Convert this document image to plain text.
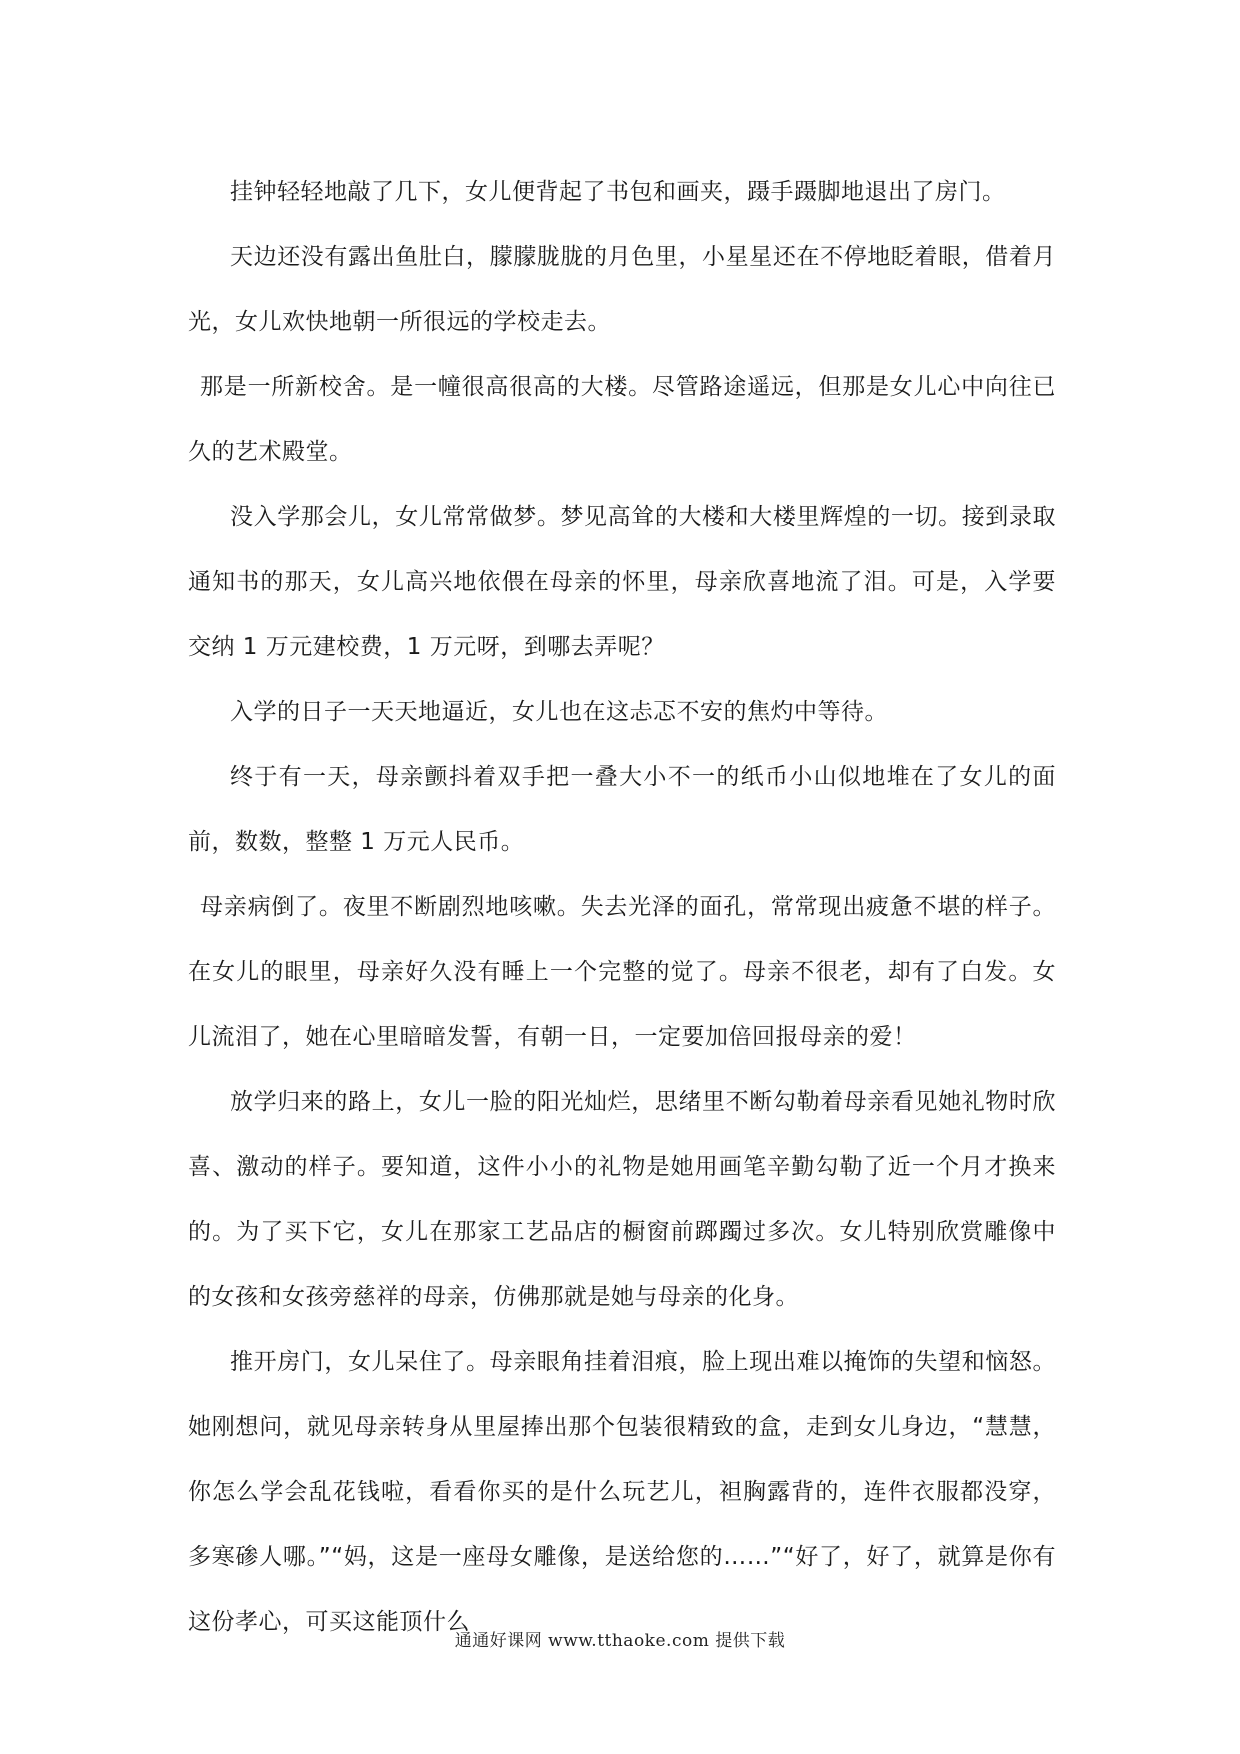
挂钟轻轻地敲了几下，女儿便背起了书包和画夹，蹑手蹑脚地退出了房门。

天边还没有露出鱼肚白，朦朦胧胧的月色里，小星星还在不停地眨着眼，借着月光，女儿欢快地朝一所很远的学校走去。

那是一所新校舍。是一幢很高很高的大楼。尽管路途遥远，但那是女儿心中向往已久的艺术殿堂。

没入学那会儿，女儿常常做梦。梦见高耸的大楼和大楼里辉煌的一切。接到录取通知书的那天，女儿高兴地依偎在母亲的怀里，母亲欣喜地流了泪。可是，入学要交纳 1 万元建校费，1 万元呀，到哪去弄呢？

入学的日子一天天地逼近，女儿也在这忐忑不安的焦灼中等待。

终于有一天，母亲颤抖着双手把一叠大小不一的纸币小山似地堆在了女儿的面前，数数，整整 1 万元人民币。

母亲病倒了。夜里不断剧烈地咳嗽。失去光泽的面孔，常常现出疲惫不堪的样子。在女儿的眼里，母亲好久没有睡上一个完整的觉了。母亲不很老，却有了白发。女儿流泪了，她在心里暗暗发誓，有朝一日，一定要加倍回报母亲的爱！

放学归来的路上，女儿一脸的阳光灿烂，思绪里不断勾勒着母亲看见她礼物时欣喜、激动的样子。要知道，这件小小的礼物是她用画笔辛勤勾勒了近一个月才换来的。为了买下它，女儿在那家工艺品店的橱窗前踯躅过多次。女儿特别欣赏雕像中的女孩和女孩旁慈祥的母亲，仿佛那就是她与母亲的化身。

推开房门，女儿呆住了。母亲眼角挂着泪痕，脸上现出难以掩饰的失望和恼怒。她刚想问，就见母亲转身从里屋捧出那个包装很精致的盒，走到女儿身边，“慧慧，你怎么学会乱花钱啦，看看你买的是什么玩艺儿，袒胸露背的，连件衣服都没穿，多寒碜人哪。”“妈，这是一座母女雕像，是送给您的……”“好了，好了，就算是你有这份孝心，可买这能顶什么

通通好课网 www.tthaoke.com 提供下载
